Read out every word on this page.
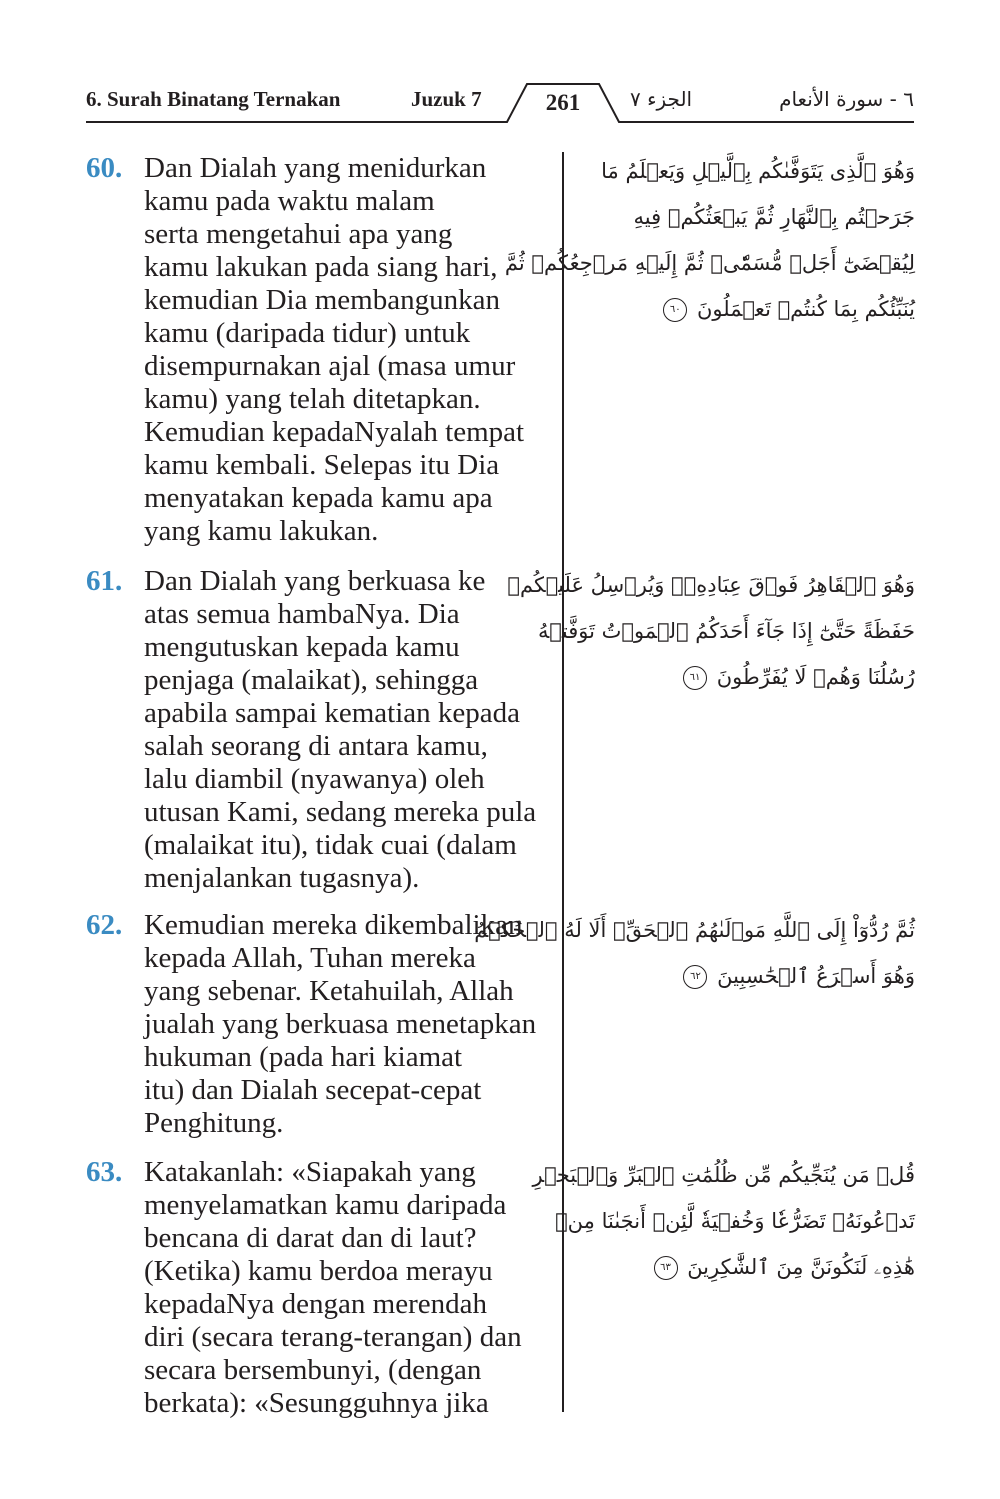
6. Surah Binatang Ternakan	Juzuk 7	261	الجزء ٧	٦ - سورة الأنعام
60. Dan Dialah yang menidurkan
kamu pada waktu malam
serta mengetahui apa yang
kamu lakukan pada siang hari,
kemudian Dia membangunkan
kamu (daripada tidur) untuk
disempurnakan ajal (masa umur
kamu) yang telah ditetapkan.
Kemudian kepadaNyalah tempat
kamu kembali. Selepas itu Dia
menyatakan kepada kamu apa
yang kamu lakukan.
وَهُوَ ٱلَّذِى يَتَوَفَّىٰكُم بِٱلَّيۡلِ وَيَعۡلَمُ مَا
جَرَحۡتُم بِٱلنَّهَارِ ثُمَّ يَبۡعَثُكُمۡ فِيهِ
لِيُقۡضَىٰٓ أَجَلٞ مُّسَمّٗىۖ ثُمَّ إِلَيۡهِ مَرۡجِعُكُمۡ ثُمَّ
يُنَبِّئُكُم بِمَا كُنتُمۡ تَعۡمَلُونَ ٦٠
61. Dan Dialah yang berkuasa ke
atas semua hambaNya. Dia
mengutuskan kepada kamu
penjaga (malaikat), sehingga
apabila sampai kematian kepada
salah seorang di antara kamu,
lalu diambil (nyawanya) oleh
utusan Kami, sedang mereka pula
(malaikat itu), tidak cuai (dalam
menjalankan tugasnya).
وَهُوَ ٱلۡقَاهِرُ فَوۡقَ عِبَادِهِۦۖ وَيُرۡسِلُ عَلَيۡكُمۡ
حَفَظَةً حَتَّىٰٓ إِذَا جَآءَ أَحَدَكُمُ ٱلۡمَوۡتُ تَوَفَّتۡهُ
رُسُلُنَا وَهُمۡ لَا يُفَرِّطُونَ ٦١
62. Kemudian mereka dikembalikan
kepada Allah, Tuhan mereka
yang sebenar. Ketahuilah, Allah
jualah yang berkuasa menetapkan
hukuman (pada hari kiamat
itu) dan Dialah secepat-cepat
Penghitung.
ثُمَّ رُدُّوٓاْ إِلَى ٱللَّهِ مَوۡلَىٰهُمُ ٱلۡحَقِّۚ أَلَا لَهُ ٱلۡحُكۡمُ
وَهُوَ أَسۡرَعُ ٱلۡحَٰسِبِينَ ٦٢
63. Katakanlah: «Siapakah yang
menyelamatkan kamu daripada
bencana di darat dan di laut?
(Ketika) kamu berdoa merayu
kepadaNya dengan merendah
diri (secara terang-terangan) dan
secara bersembunyi, (dengan
berkata): «Sesungguhnya jika
قُلۡ مَن يُنَجِّيكُم مِّن ظُلُمَٰتِ ٱلۡبَرِّ وَٱلۡبَحۡرِ
تَدۡعُونَهُۥ تَضَرُّعٗا وَخُفۡيَةٗ لَّئِنۡ أَنجَىٰنَا مِنۡ
هَٰذِهِۦ لَنَكُونَنَّ مِنَ ٱلشَّٰكِرِينَ ٦٣
